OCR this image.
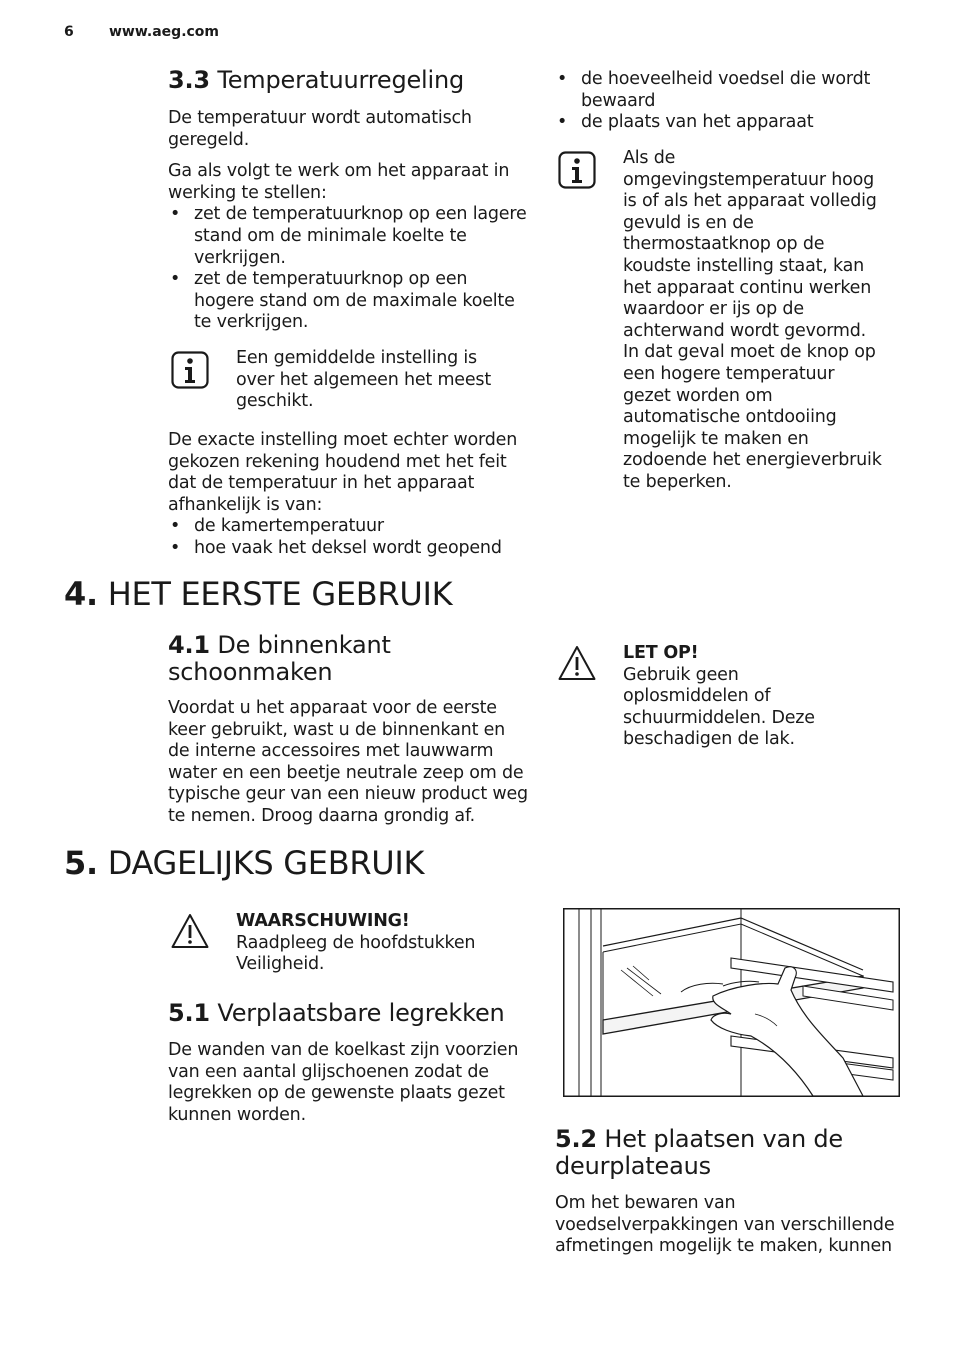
6	www.aeg.com
3.3 Temperatuurregeling

De temperatuur wordt automatisch geregeld.

Ga als volgt te werk om het apparaat in werking te stellen:

• zet de temperatuurknop op een lagere stand om de minimale koelte te verkrijgen.
• zet de temperatuurknop op een hogere stand om de maximale koelte te verkrijgen.
Een gemiddelde instelling is over het algemeen het meest geschikt.

De exacte instelling moet echter worden gekozen rekening houdend met het feit dat de temperatuur in het apparaat afhankelijk is van:

• de kamertemperatuur
• hoe vaak het deksel wordt geopend
• de hoeveelheid voedsel die wordt bewaard
• de plaats van het apparaat
Als de omgevingstemperatuur hoog is of als het apparaat volledig gevuld is en de thermostaatknop op de koudste instelling staat, kan het apparaat continu werken waardoor er ijs op de achterwand wordt gevormd. In dat geval moet de knop op een hogere temperatuur gezet worden om automatische ontdooiing mogelijk te maken en zodoende het energieverbruik te beperken.
4. HET EERSTE GEBRUIK
4.1 De binnenkant schoonmaken
Voordat u het apparaat voor de eerste keer gebruikt, wast u de binnenkant en de interne accessoires met lauwwarm water en een beetje neutrale zeep om de typische geur van een nieuw product weg te nemen. Droog daarna grondig af.
LET OP!
Gebruik geen oplosmiddelen of schuurmiddelen. Deze beschadigen de lak.
5. DAGELIJKS GEBRUIK
WAARSCHUWING!
Raadpleeg de hoofdstukken Veiligheid.
5.1 Verplaatsbare legrekken
De wanden van de koelkast zijn voorzien van een aantal glijschoenen zodat de legrekken op de gewenste plaats gezet kunnen worden.
5.2 Het plaatsen van de deurplateaus
Om het bewaren van voedselverpakkingen van verschillende afmetingen mogelijk te maken, kunnen
